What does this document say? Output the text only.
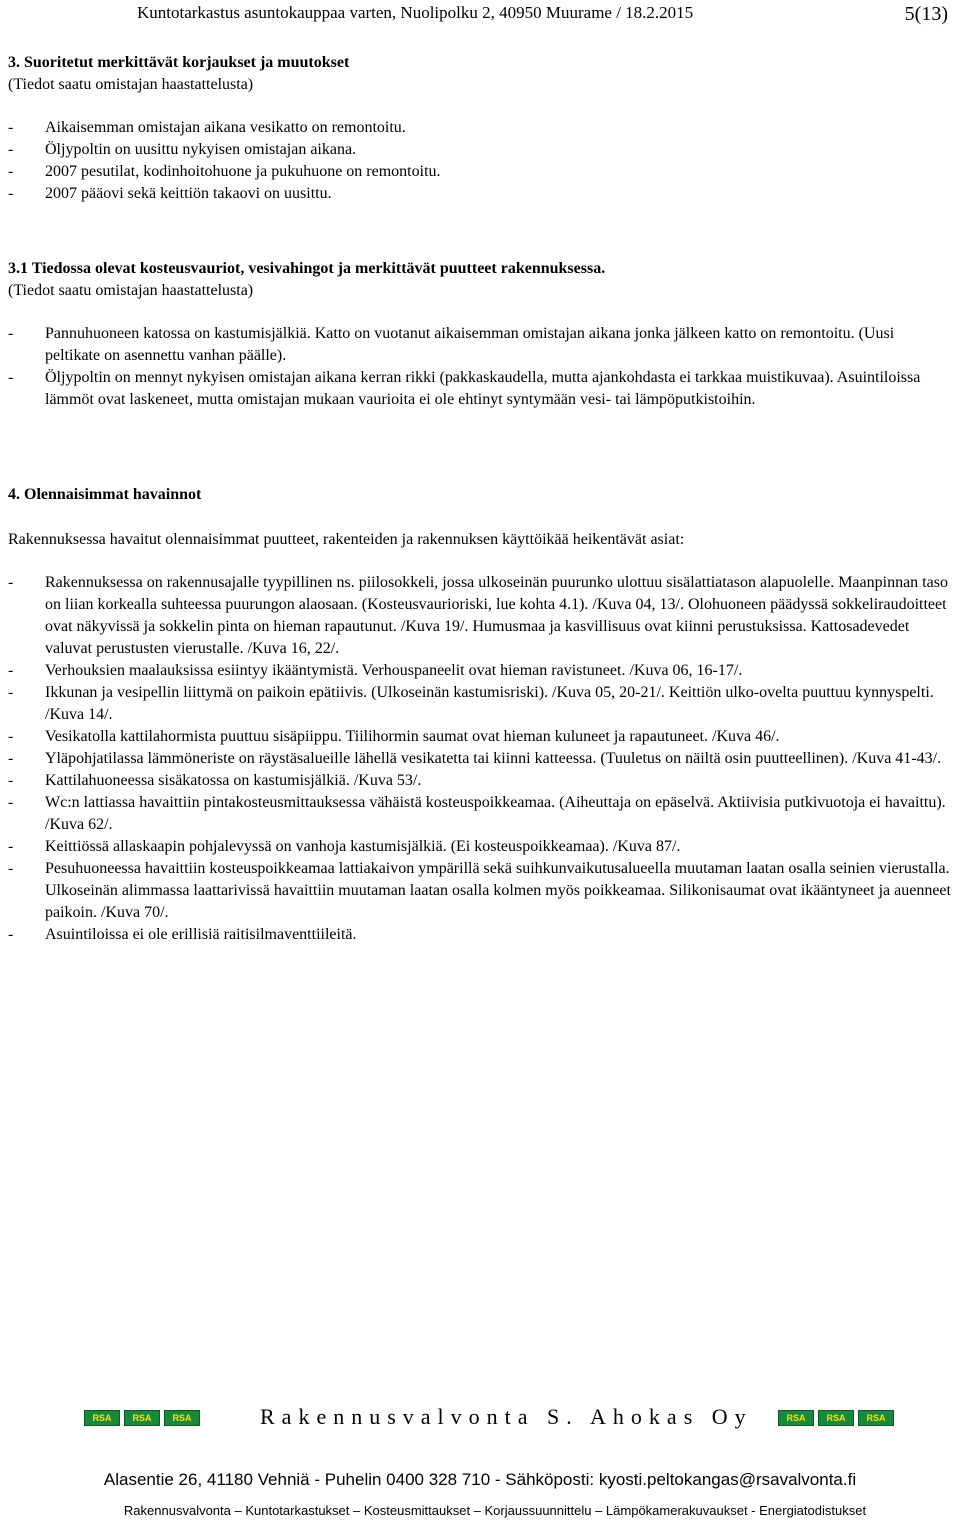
Kuntotarkastus asuntokauppaa varten, Nuolipolku 2, 40950 Muurame / 18.2.2015	5(13)
3. Suoritetut merkittävät korjaukset ja muutokset
(Tiedot saatu omistajan haastattelusta)
- Aikaisemman omistajan aikana vesikatto on remontoitu.
- Öljypoltin on uusittu nykyisen omistajan aikana.
- 2007 pesutilat, kodinhoitohuone ja pukuhuone on remontoitu.
- 2007 pääovi sekä keittiön takaovi on uusittu.
3.1 Tiedossa olevat kosteusvauriot, vesivahingot ja merkittävät puutteet rakennuksessa.
(Tiedot saatu omistajan haastattelusta)
- Pannuhuoneen katossa on kastumisjälkiä. Katto on vuotanut aikaisemman omistajan aikana jonka jälkeen katto on remontoitu. (Uusi peltikate on asennettu vanhan päälle).
- Öljypoltin on mennyt nykyisen omistajan aikana kerran rikki (pakkaskaudella, mutta ajankohdasta ei tarkkaa muistikuvaa). Asuintiloissa lämmöt ovat laskeneet, mutta omistajan mukaan vaurioita ei ole ehtinyt syntymään vesi- tai lämpöputkistoihin.
4. Olennaisimmat havainnot

Rakennuksessa havaitut olennaisimmat puutteet, rakenteiden ja rakennuksen käyttöikää heikentävät asiat:

- Rakennuksessa on rakennusajalle tyypillinen ns. piilosokkeli, jossa ulkoseinän puurunko ulottuu sisälattiatason alapuolelle. Maanpinnan taso on liian korkealla suhteessa puurungon alaosaan. (Kosteusvaurioriski, lue kohta 4.1). /Kuva 04, 13/. Olohuoneen päädyssä sokkeliraudoitteet ovat näkyvissä ja sokkelin pinta on hieman rapautunut. /Kuva 19/. Humusmaa ja kasvillisuus ovat kiinni perustuksissa. Kattosadevedet valuvat perustusten vierustalle. /Kuva 16, 22/.
- Verhouksien maalauksissa esiintyy ikääntymistä. Verhouspaneelit ovat hieman ravistuneet. /Kuva 06, 16-17/.
- Ikkunan ja vesipellin liittymä on paikoin epätiivis. (Ulkoseinän kastumisriski). /Kuva 05, 20-21/. Keittiön ulko-ovelta puuttuu kynnyspelti. /Kuva 14/.
- Vesikatolla kattilahormista puuttuu sisäpiippu. Tiilihormin saumat ovat hieman kuluneet ja rapautuneet. /Kuva 46/.
- Yläpohjatilassa lämmöneriste on räystäsalueille lähellä vesikatetta tai kiinni katteessa. (Tuuletus on näiltä osin puutteellinen). /Kuva 41-43/.
- Kattilahuoneessa sisäkatossa on kastumisjälkiä. /Kuva 53/.
- Wc:n lattiassa havaittiin pintakosteusmittauksessa vähäistä kosteuspoikkeamaa. (Aiheuttaja on epäselvä. Aktiivisia putkivuotoja ei havaittu). /Kuva 62/.
- Keittiössä allaskaapin pohjalevyssä on vanhoja kastumisjälkiä. (Ei kosteuspoikkeamaa). /Kuva 87/.
- Pesuhuoneessa havaittiin kosteuspoikkeamaa lattiakaivon ympärillä sekä suihkunvaikutusalueella muutaman laatan osalla seinien vierustalla. Ulkoseinän alimmassa laattarivissä havaittiin muutaman laatan osalla kolmen myös poikkeamaa. Silikonisaumat ovat ikääntyneet ja auenneet paikoin. /Kuva 70/.
- Asuintiloissa ei ole erillisiä raitisilmaventtiileitä.
RSA	RSA	RSA	Rakennusvalvonta S. Ahokas Oy	RSA	RSA	RSA
Alasentie 26, 41180 Vehniä - Puhelin 0400 328 710 - Sähköposti: kyosti.peltokangas@rsavalvonta.fi
Rakennusvalvonta – Kuntotarkastukset – Kosteusmittaukset – Korjaussuunnittelu – Lämpökamerakuvaukset - Energiatodistukset
